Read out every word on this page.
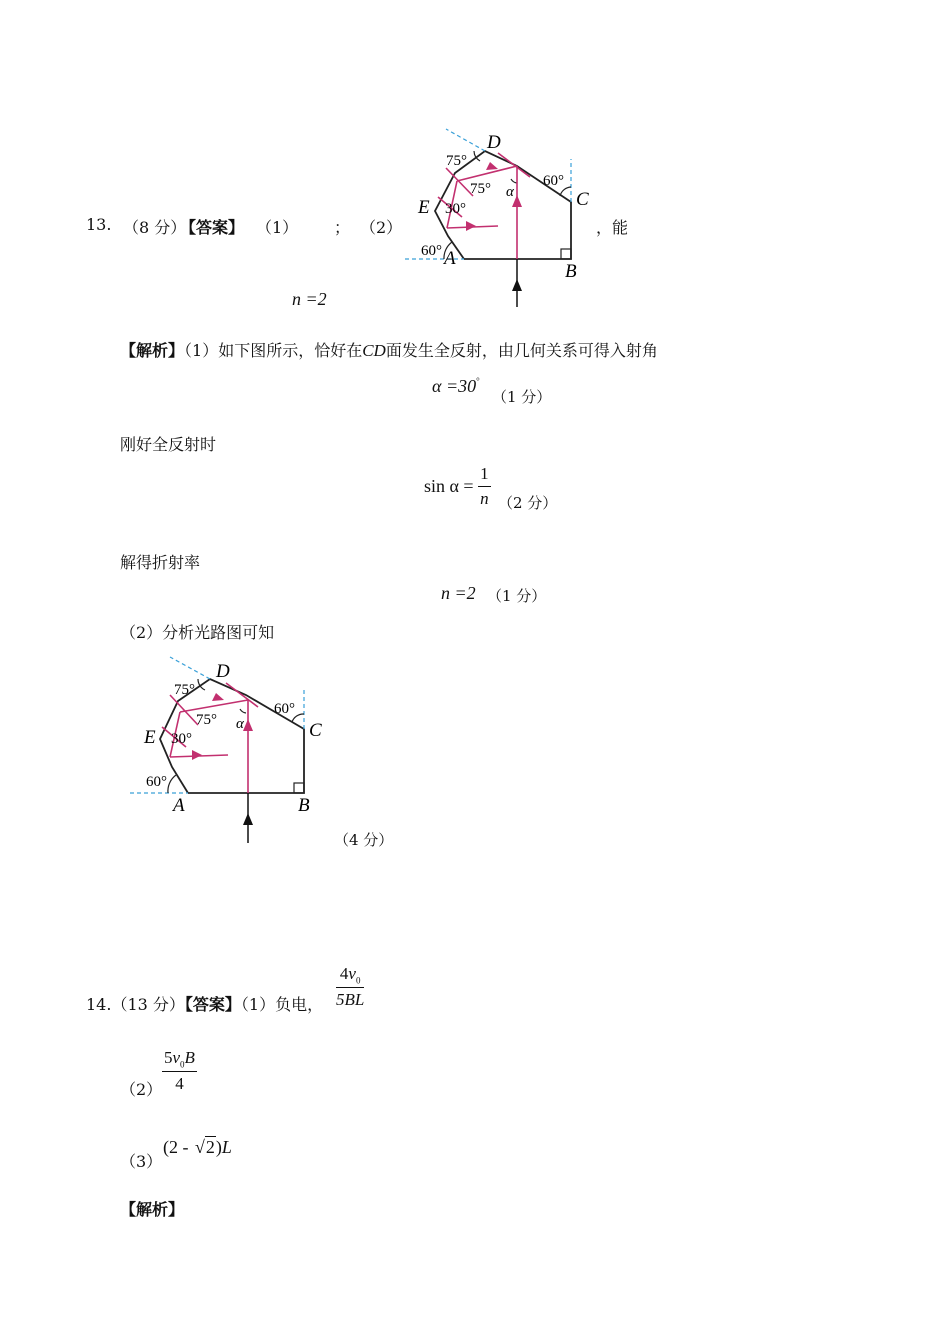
13. （8 分）
【答案】 （1） ； （2）	，能
n =2
A
B
C
D
E
α
75°
75°	60°
30°
60°
【解析】（1）如下图所示，恰好在CD面发生全反射，由几何关系可得入射角
α =30°
（1 分）
刚好全反射时
$\sin \alpha = \frac{1}{n} (2$ 分）
解得折射率
n =2 （1 分）
（2）分析光路图可知
A	B
C
D
E
α
75°
75°
60°
30°
60°
（4 分）
14.（13 分）【答案】（1）负电， $\frac{4v_0}{5BL}$
$(2) \frac{5v_0B}{4}$
（3）
(2 - √2)L
【解析】
